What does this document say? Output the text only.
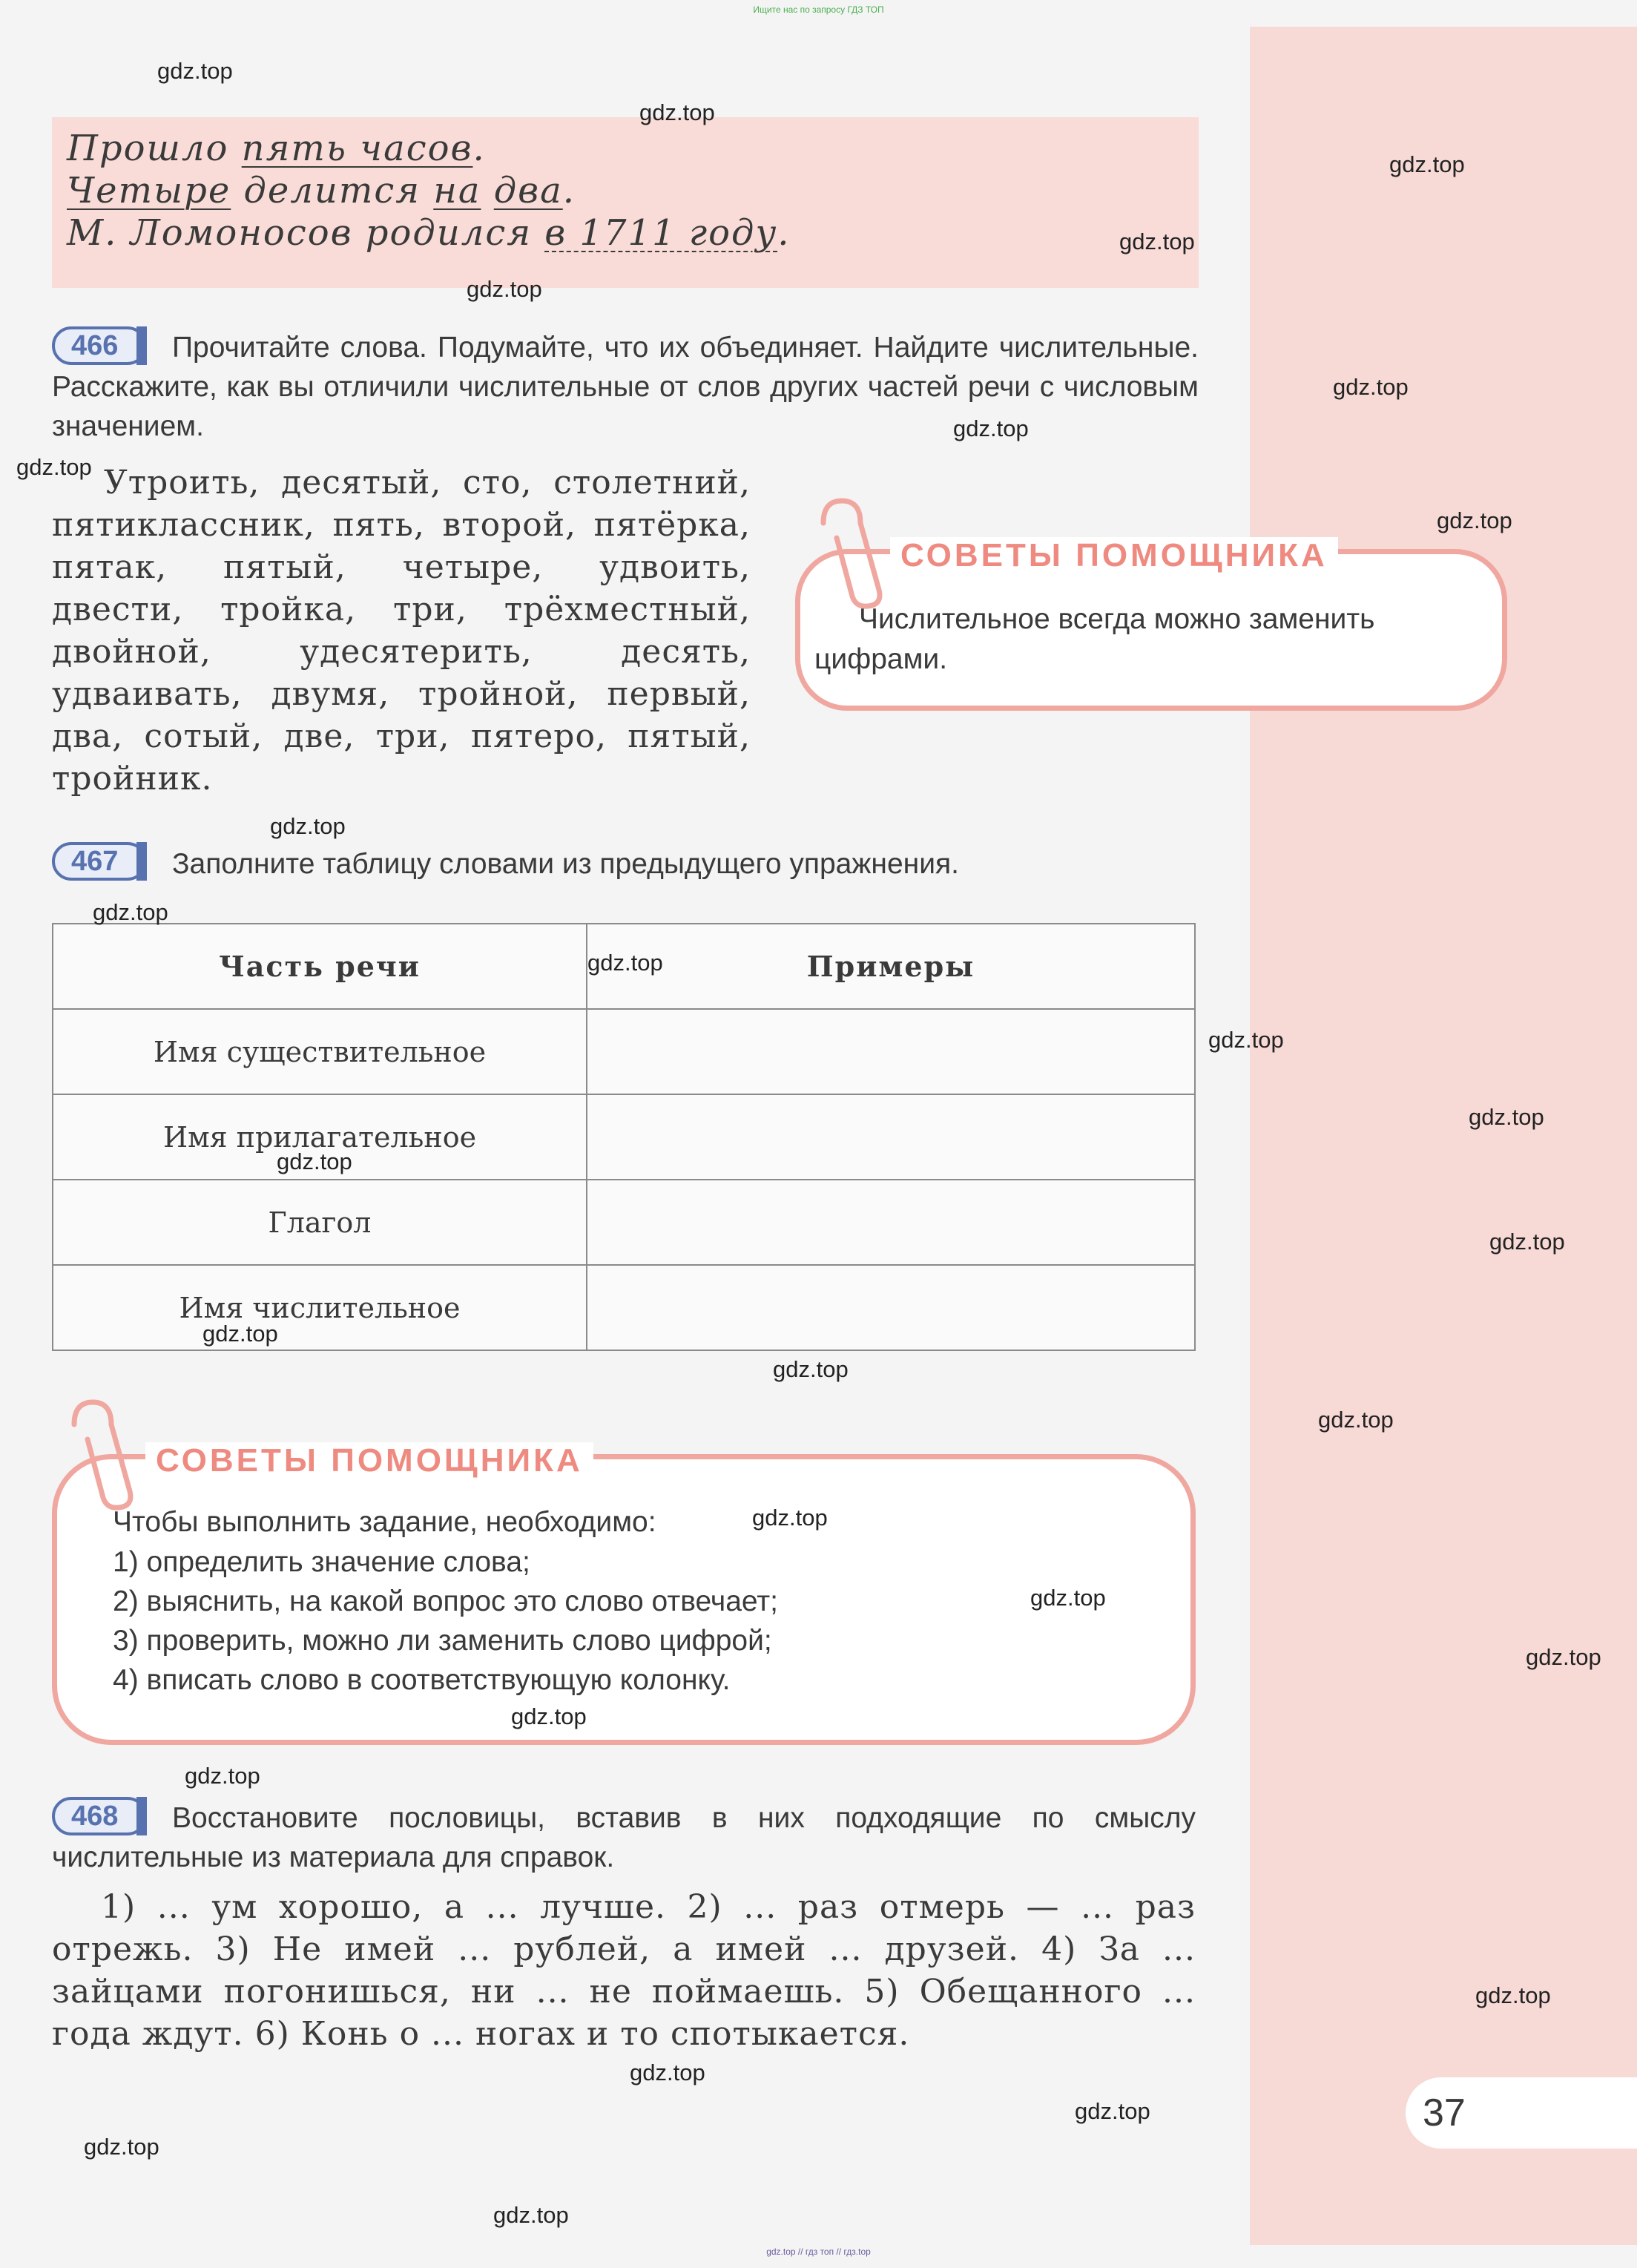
Ищите нас по запросу ГДЗ ТОП
Прошло пять часов.
Четыре делится на два.
М. Ломоносов родился в 1711 году.
466	Прочитайте слова. Подумайте, что их объединяет. Найдите числительные. Расскажите, как вы отличили числительные от слов других частей речи с числовым значением.
Утроить, десятый, сто, столетний, пятиклассник, пять, второй, пятёрка, пятак, пятый, четыре, удвоить, двести, тройка, три, трёхместный, двойной, удесятерить, десять, удваивать, двумя, тройной, первый, два, сотый, две, три, пятеро, пятый, тройник.
СОВЕТЫ ПОМОЩНИКА
Числительное всегда можно заменить цифрами.
467	Заполните таблицу словами из предыдущего упражнения.
Часть речи	Примеры
Имя существительное	
Имя прилагательное	
Глагол	
Имя числительное	
СОВЕТЫ ПОМОЩНИКА
Чтобы выполнить задание, необходимо:
1) определить значение слова;
2) выяснить, на какой вопрос это слово отвечает;
3) проверить, можно ли заменить слово цифрой;
4) вписать слово в соответствующую колонку.
468	Восстановите пословицы, вставив в них подходящие по смыслу числительные из материала для справок.
1) ... ум хорошо, а ... лучше. 2) ... раз отмерь — ... раз отрежь. 3) Не имей ... рублей, а имей ... друзей. 4) За ... зайцами погонишься, ни ... не поймаешь. 5) Обещанного ... года ждут. 6) Конь о ... ногах и то спотыкается.
37
gdz.top
gdz.top
gdz.top
gdz.top
gdz.top
gdz.top
gdz.top
gdz.top
gdz.top
gdz.top
gdz.top
gdz.top
gdz.top
gdz.top
gdz.top
gdz.top
gdz.top
gdz.top
gdz.top
gdz.top
gdz.top
gdz.top
gdz.top
gdz.top
gdz.top
gdz.top
gdz.top
gdz.top
gdz.top
gdz.top // гдз топ // гдз.top
